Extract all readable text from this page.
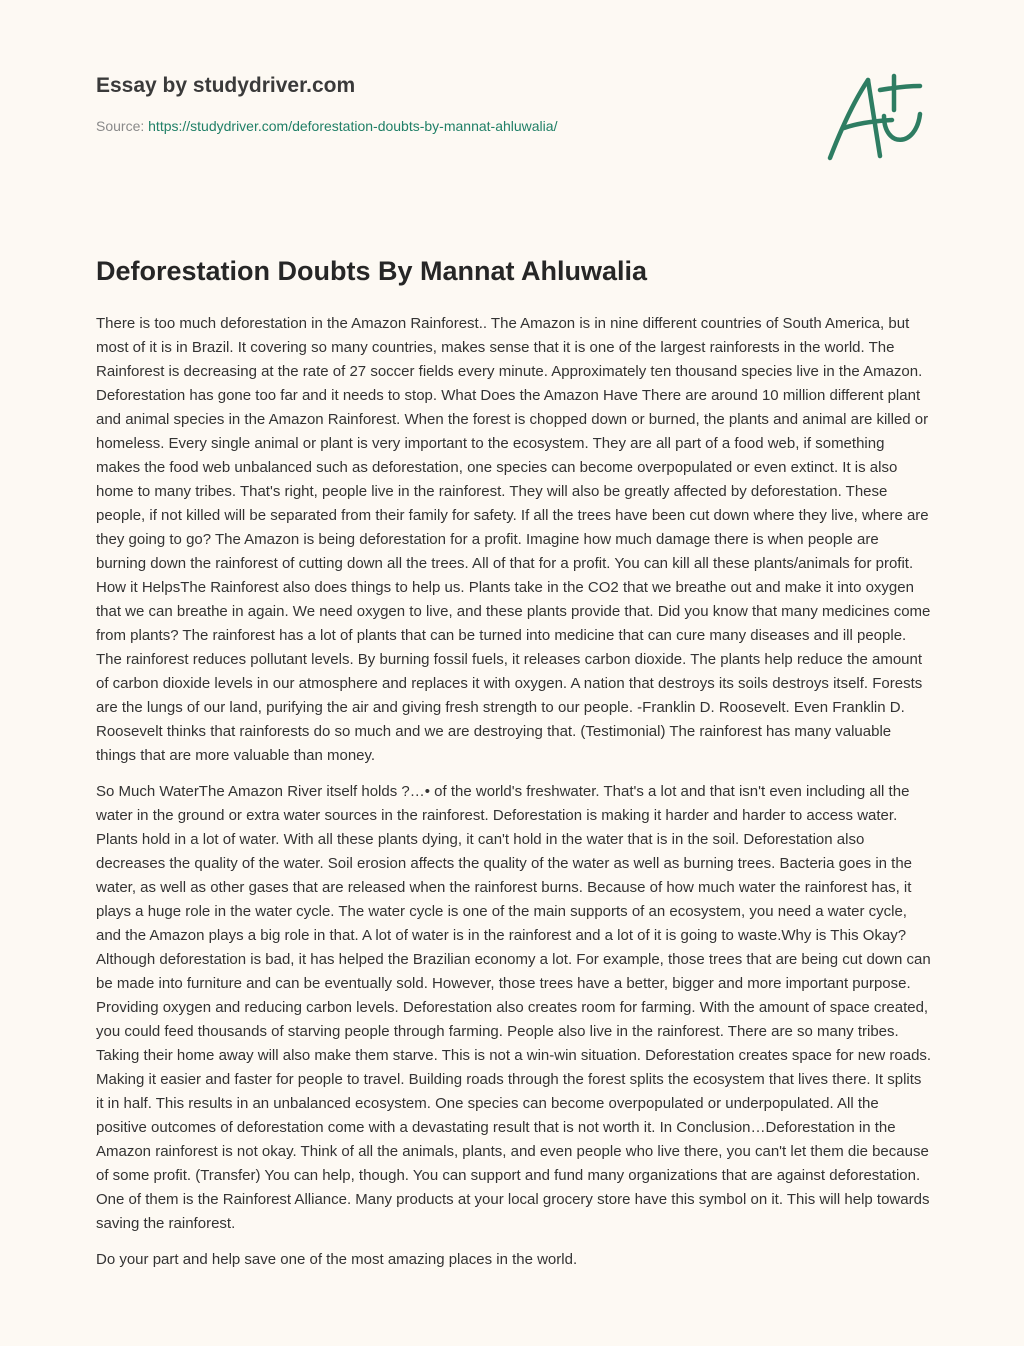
Essay by studydriver.com
Source: https://studydriver.com/deforestation-doubts-by-mannat-ahluwalia/
Deforestation Doubts By Mannat Ahluwalia

There is too much deforestation in the Amazon Rainforest.. The Amazon is in nine different countries of South America, but most of it is in Brazil. It covering so many countries, makes sense that it is one of the largest rainforests in the world. The Rainforest is decreasing at the rate of 27 soccer fields every minute. Approximately ten thousand species live in the Amazon. Deforestation has gone too far and it needs to stop. What Does the Amazon Have There are around 10 million different plant and animal species in the Amazon Rainforest. When the forest is chopped down or burned, the plants and animal are killed or homeless. Every single animal or plant is very important to the ecosystem. They are all part of a food web, if something makes the food web unbalanced such as deforestation, one species can become overpopulated or even extinct. It is also home to many tribes. That's right, people live in the rainforest. They will also be greatly affected by deforestation. These people, if not killed will be separated from their family for safety. If all the trees have been cut down where they live, where are they going to go? The Amazon is being deforestation for a profit. Imagine how much damage there is when people are burning down the rainforest of cutting down all the trees. All of that for a profit. You can kill all these plants/animals for profit. How it HelpsThe Rainforest also does things to help us. Plants take in the CO2 that we breathe out and make it into oxygen that we can breathe in again. We need oxygen to live, and these plants provide that. Did you know that many medicines come from plants? The rainforest has a lot of plants that can be turned into medicine that can cure many diseases and ill people. The rainforest reduces pollutant levels. By burning fossil fuels, it releases carbon dioxide. The plants help reduce the amount of carbon dioxide levels in our atmosphere and replaces it with oxygen. A nation that destroys its soils destroys itself. Forests are the lungs of our land, purifying the air and giving fresh strength to our people. -Franklin D. Roosevelt. Even Franklin D. Roosevelt thinks that rainforests do so much and we are destroying that. (Testimonial) The rainforest has many valuable things that are more valuable than money.

So Much WaterThe Amazon River itself holds ?…• of the world's freshwater. That's a lot and that isn't even including all the water in the ground or extra water sources in the rainforest. Deforestation is making it harder and harder to access water. Plants hold in a lot of water. With all these plants dying, it can't hold in the water that is in the soil. Deforestation also decreases the quality of the water. Soil erosion affects the quality of the water as well as burning trees. Bacteria goes in the water, as well as other gases that are released when the rainforest burns. Because of how much water the rainforest has, it plays a huge role in the water cycle. The water cycle is one of the main supports of an ecosystem, you need a water cycle, and the Amazon plays a big role in that. A lot of water is in the rainforest and a lot of it is going to waste.Why is This Okay?Although deforestation is bad, it has helped the Brazilian economy a lot. For example, those trees that are being cut down can be made into furniture and can be eventually sold. However, those trees have a better, bigger and more important purpose. Providing oxygen and reducing carbon levels. Deforestation also creates room for farming. With the amount of space created, you could feed thousands of starving people through farming. People also live in the rainforest. There are so many tribes. Taking their home away will also make them starve. This is not a win-win situation. Deforestation creates space for new roads. Making it easier and faster for people to travel. Building roads through the forest splits the ecosystem that lives there. It splits it in half. This results in an unbalanced ecosystem. One species can become overpopulated or underpopulated. All the positive outcomes of deforestation come with a devastating result that is not worth it. In Conclusion…Deforestation in the Amazon rainforest is not okay. Think of all the animals, plants, and even people who live there, you can't let them die because of some profit. (Transfer) You can help, though. You can support and fund many organizations that are against deforestation. One of them is the Rainforest Alliance. Many products at your local grocery store have this symbol on it. This will help towards saving the rainforest.

Do your part and help save one of the most amazing places in the world.
